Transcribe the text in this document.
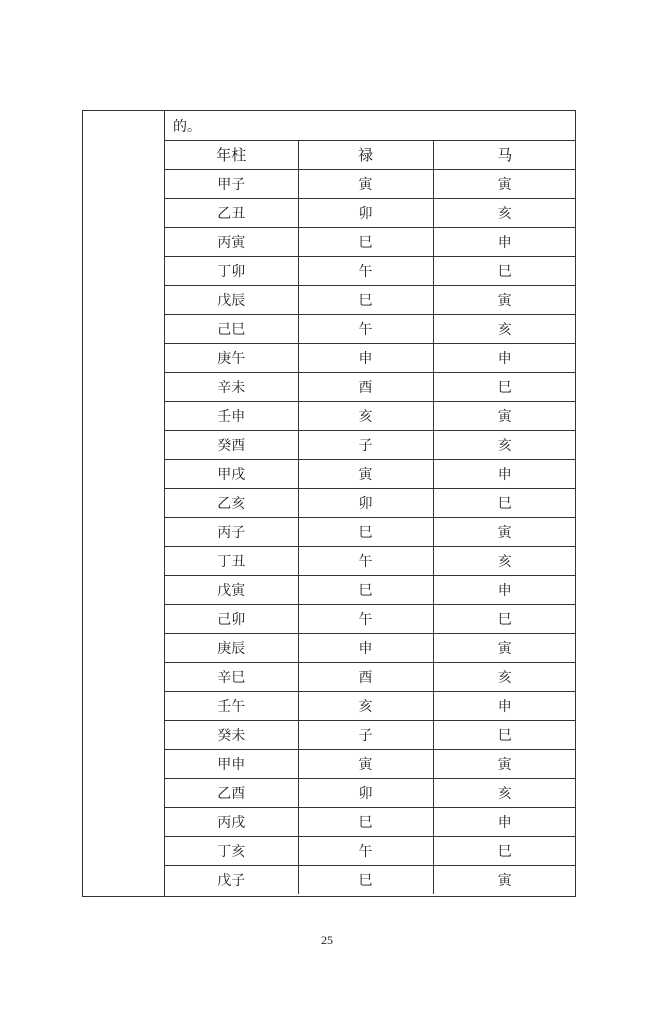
的。
年柱	禄	马
甲子	寅	寅
乙丑	卯	亥
丙寅	巳	申
丁卯	午	巳
戊辰	巳	寅
己巳	午	亥
庚午	申	申
辛未	酉	巳
壬申	亥	寅
癸酉	子	亥
甲戌	寅	申
乙亥	卯	巳
丙子	巳	寅
丁丑	午	亥
戊寅	巳	申
己卯	午	巳
庚辰	申	寅
辛巳	酉	亥
壬午	亥	申
癸未	子	巳
甲申	寅	寅
乙酉	卯	亥
丙戌	巳	申
丁亥	午	巳
戊子	巳	寅
25
